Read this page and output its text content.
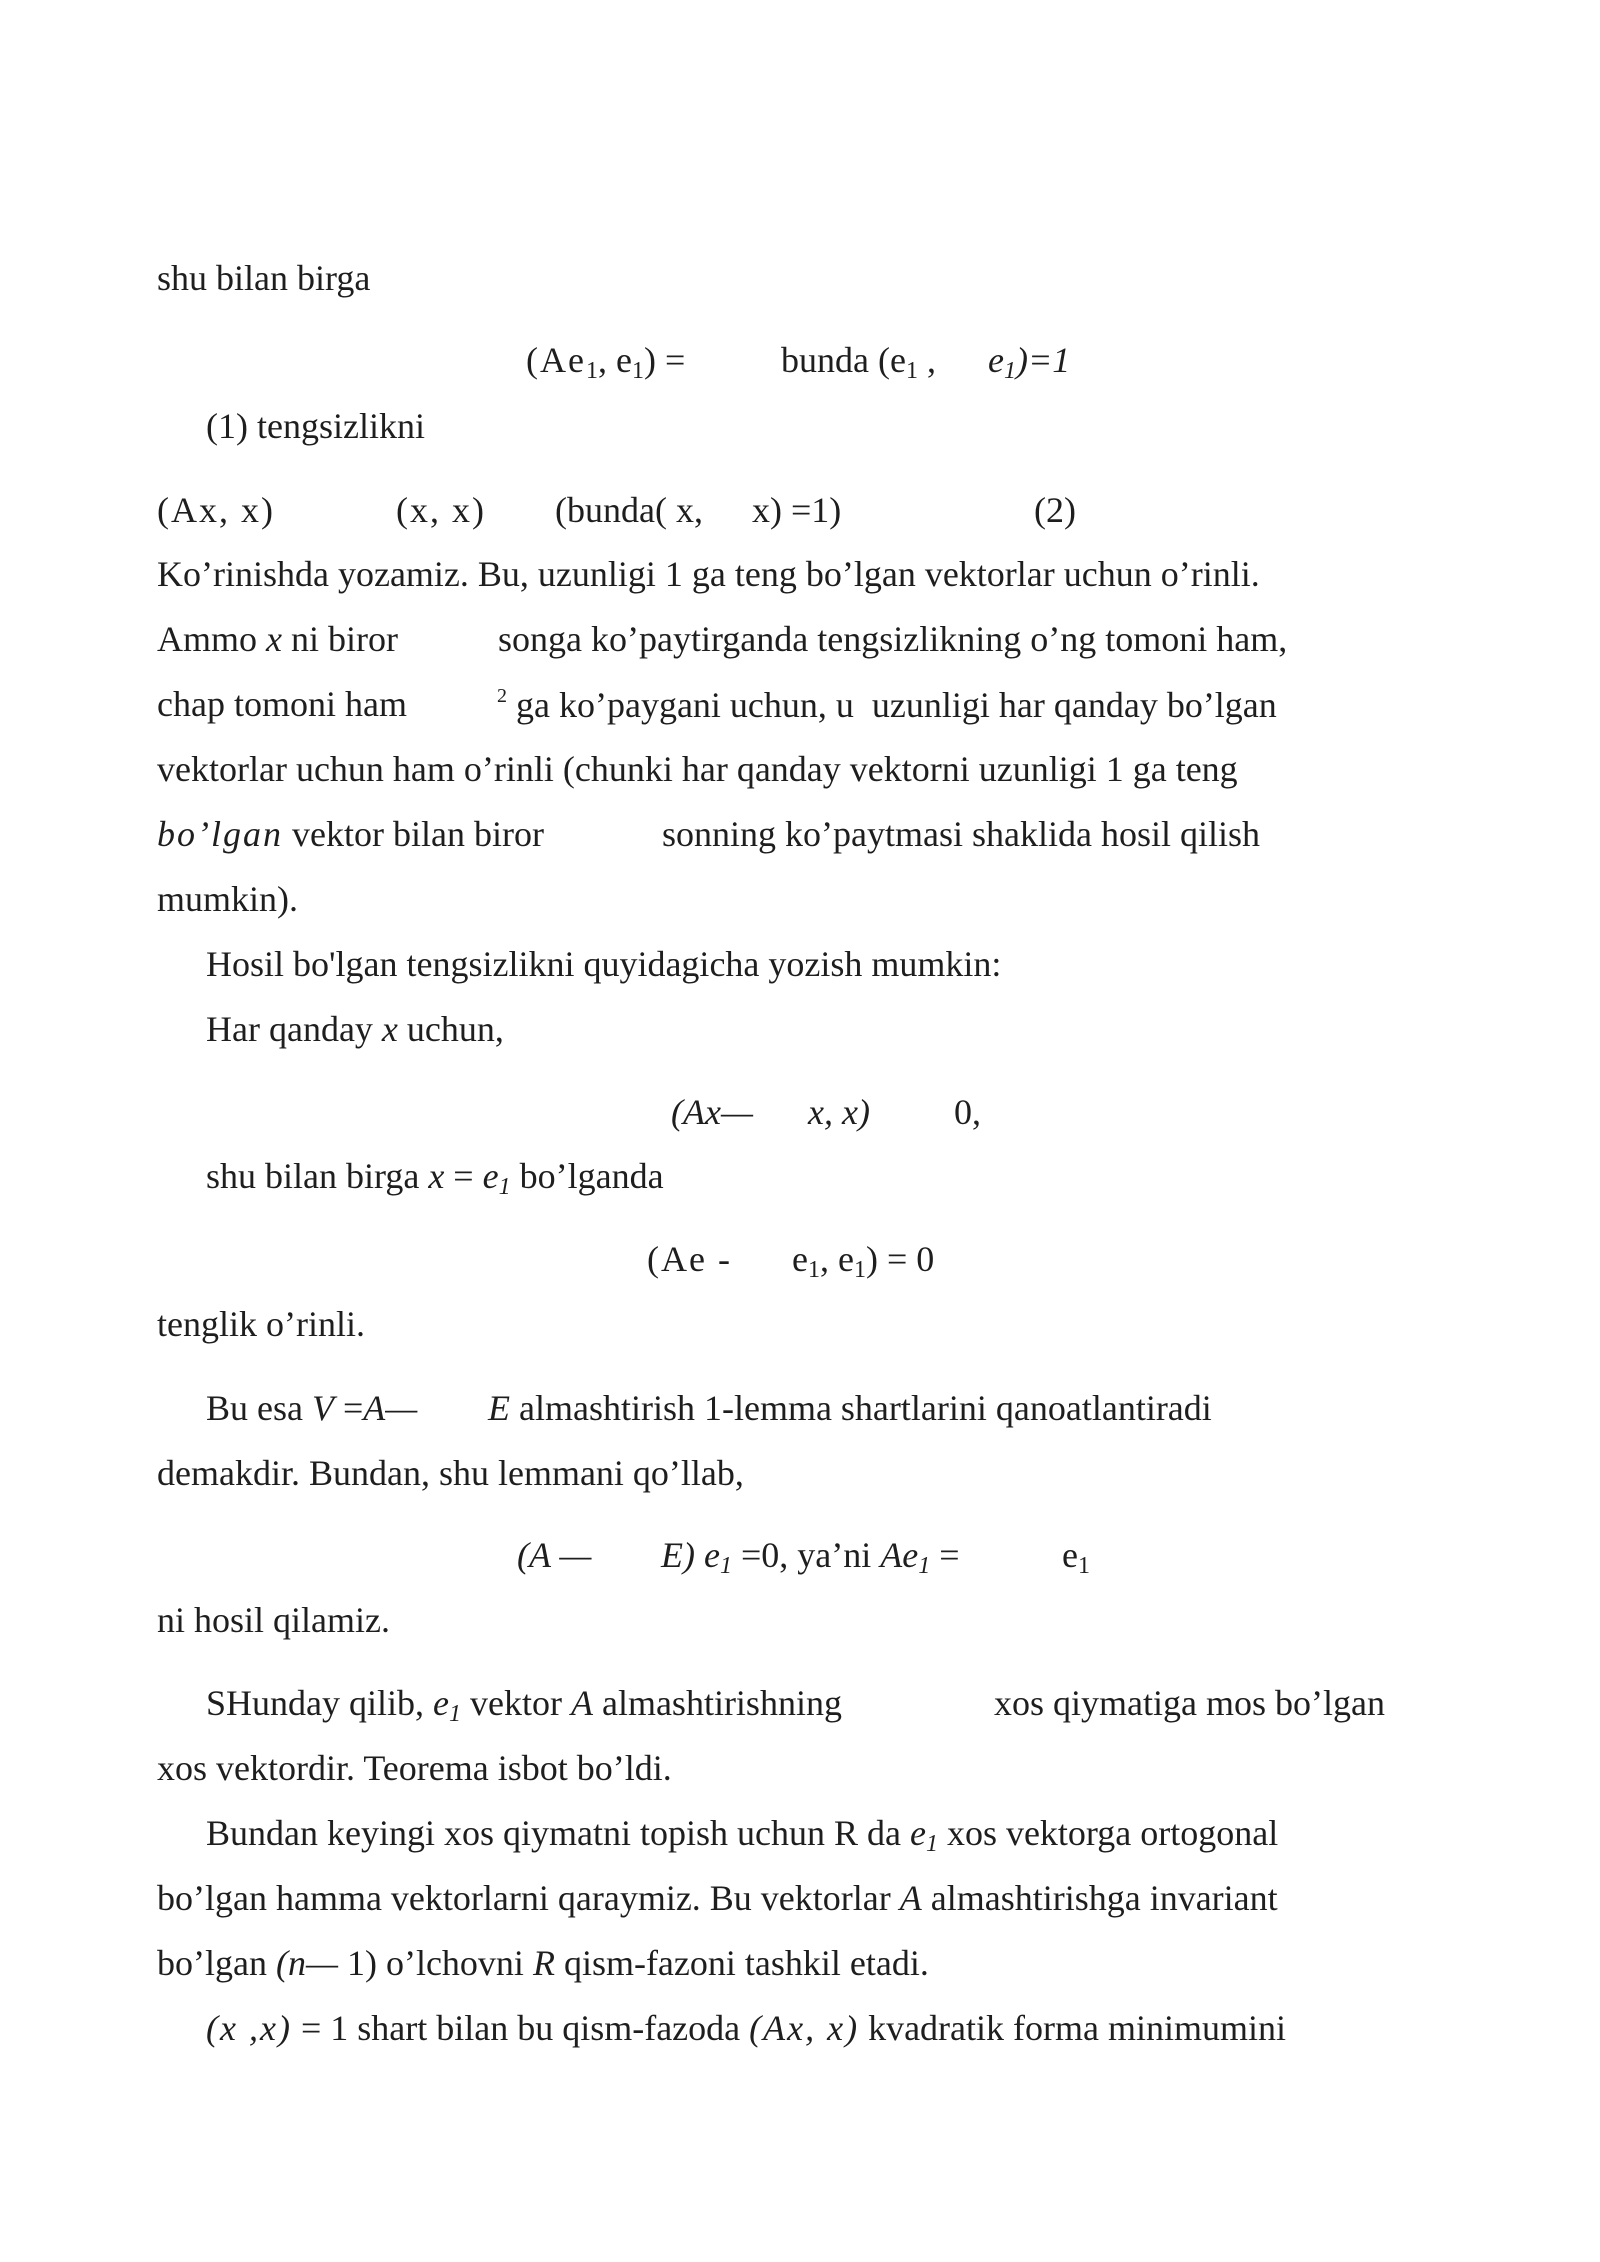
shu bilan birga
($Ae_1$, $e_1$) =	bunda ($e_1$ , $e_1)=1$
(1) tengsizlikni
(Ax, x)	(x, x) (bunda( x, x) =1)	(2)
Ko’rinishda yozamiz. Bu, uzunligi 1 ga teng bo’lgan vektorlar uchun o’rinli.
Ammo x ni biror	songa ko’paytirganda tengsizlikning o’ng tomoni ham,
chap tomoni ham	$^2$ ga ko’paygani uchun, u  uzunligi har qanday bo’lgan
vektorlar uchun ham o’rinli (chunki har qanday vektorni uzunligi 1 ga teng
bo’lgan vektor bilan biror	sonning ko’paytmasi shaklida hosil qilish
mumkin).
Hosil bo'lgan tengsizlikni quyidagicha yozish mumkin:
Har qanday x uchun,
(Ax— x, x) 0,
shu bilan birga $x = e_1$ bo’lganda
($Ae - e_1$, $e_1) = 0$
tenglik o’rinli.
Bu esa V =A— E almashtirish 1-lemma shartlarini qanoatlantiradi
demakdir. Bundan, shu lemmani qo’llab,
(A — E) $e_1 =0$, ya’ni $Ae_1$ =	$e_1$
ni hosil qilamiz.
SHunday qilib, $e_1$ vektor A almashtirishning	xos qiymatiga mos bo’lgan
xos vektordir. Teorema isbot bo’ldi.
Bundan keyingi xos qiymatni topish uchun R da $e_1$ xos vektorga ortogonal
bo’lgan hamma vektorlarni qaraymiz. Bu vektorlar A almashtirishga invariant
bo’lgan (n— 1) o’lchovni R qism-fazoni tashkil etadi.
(x ,x) = 1 shart bilan bu qism-fazoda (Ax, x) kvadratik forma minimumini
